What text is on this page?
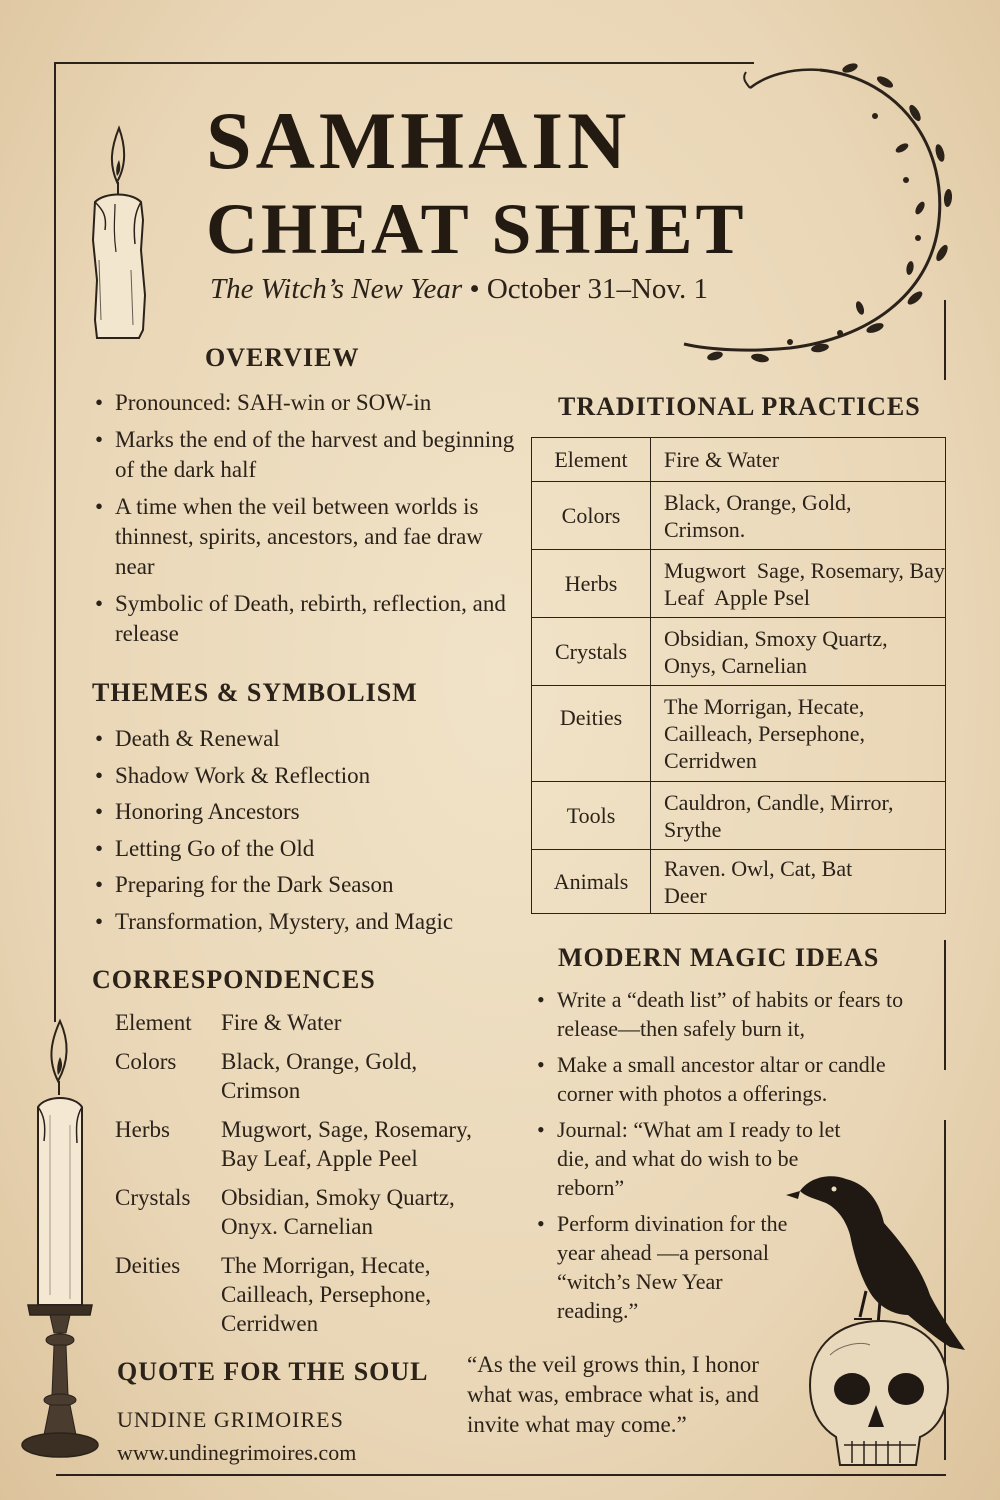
SAMHAIN
CHEAT SHEET

The Witch’s New Year • October 31–Nov. 1

OVERVIEW
• Pronounced: SAH-win or SOW-in
• Marks the end of the harvest and beginning of the dark half
• A time when the veil between worlds is thinnest, spirits, ancestors, and fae draw near
• Symbolic of Death, rebirth, reflection, and release
THEMES & SYMBOLISM
• Death & Renewal
• Shadow Work & Reflection
• Honoring Ancestors
• Letting Go of the Old
• Preparing for the Dark Season
• Transformation, Mystery, and Magic
CORRESPONDENCES
Element	Fire & Water
Colors	Black, Orange, Gold, Crimson
Herbs	Mugwort, Sage, Rosemary, Bay Leaf, Apple Peel
Crystals	Obsidian, Smoky Quartz, Onyx. Carnelian
Deities	The Morrigan, Hecate, Cailleach, Persephone, Cerridwen
TRADITIONAL PRACTICES
Element	Fire & Water
Colors	Black, Orange, Gold, Crimson.
Herbs	Mugwort  Sage, Rosemary, Bay Leaf  Apple Psel
Crystals	Obsidian, Smoxy Quartz, Onys, Carnelian
Deities	The Morrigan, Hecate, Cailleach, Persephone, Cerridwen
Tools	Cauldron, Candle, Mirror, Srythe
Animals	Raven. Owl, Cat, Bat Deer
MODERN MAGIC IDEAS
• Write a “death list” of habits or fears to release—then safely burn it,
• Make a small ancestor altar or candle corner with photos a offerings.
• Journal: “What am I ready to let die, and what do wish to be reborn”
• Perform divination for the year ahead —a personal “witch’s New Year reading.”
QUOTE FOR THE SOUL “As the veil grows thin, I honor what was, embrace what is, and invite what may come.”

UNDINE GRIMOIRES

www.undinegrimoires.com
